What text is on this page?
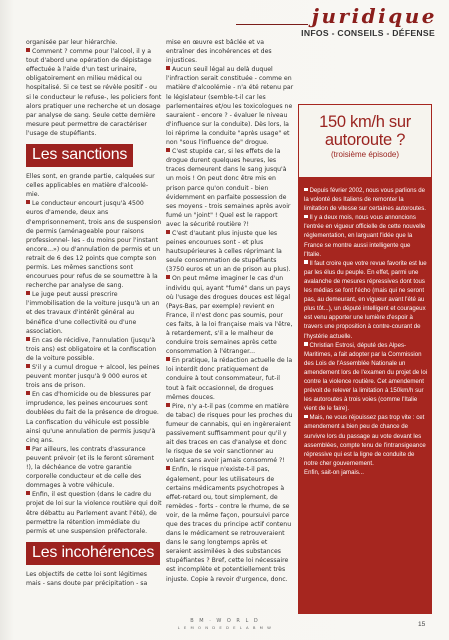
juridique
INFOS - CONSEILS - DÉFENSE

organisée par leur hiérarchie.

Comment ? comme pour l'alcool, il y a tout d'abord une opération de dépistage effectuée à l'aide d'un test urinaire, obligatoirement en milieu médical ou hospitalisé. Si ce test se révèle positif - ou si le conducteur le refuse-, les policiers font alors pratiquer une recherche et un dosage par analyse de sang. Seule cette dernière mesure peut permettre de caractériser l'usage de stupéfiants.

Les sanctions

Elles sont, en grande partie, calquées sur celles applicables en matière d'alcoolé- mie.

Le conducteur encourt jusqu'à 4500 euros d'amende, deux ans d'emprisonnement, trois ans de suspension de permis (aménageable pour raisons professionnel- les - du moins pour l'instant encore...») ou d'annulation de permis et un retrait de 6 des 12 points que compte son permis. Les mêmes sanctions sont encourues pour refus de se soumettre à la recherche par analyse de sang.

Le juge peut aussi prescrire l'immobilisation de la voiture jusqu'à un an et des travaux d'intérêt général au bénéfice d'une collectivité ou d'une association.

En cas de récidive, l'annulation (jusqu'à trois ans) est obligatoire et la confiscation de la voiture possible.

S'il y a cumul drogue + alcool, les peines peuvent monter jusqu'à 9 000 euros et trois ans de prison.

En cas d'homicide ou de blessures par imprudence, les peines encourues sont doublées du fait de la présence de drogue. La confiscation du véhicule est possible ainsi qu'une annulation de permis jusqu'à cinq ans.

Par ailleurs, les contrats d'assurance peuvent prévoir (et ils le feront sûrement !), la déchéance de votre garantie corporelle conducteur et de celle des dommages à votre véhicule.

Enfin, il est question (dans le cadre du projet de loi sur la violence routière qui doit être débattu au Parlement avant l'été), de permettre la rétention immédiate du permis et une suspension préfectorale.

Les incohérences

Les objectifs de cette loi sont légitimes mais - sans doute par précipitation - sa

mise en œuvre est bâclée et va entraîner des incohérences et des injustices.

Aucun seuil légal au delà duquel l'infraction serait constituée - comme en matière d'alcoolémie - n'a été retenu par le législateur (semble-t-il car les parlementaires et/ou les toxicologues ne sauraient - encore ? - évaluer le niveau d'influence sur la conduite). Dès lors, la loi réprime la conduite "après usage" et non "sous l'influence de" drogue.

C'est stupide car, si les effets de la drogue durent quelques heures, les traces demeurent dans le sang jusqu'à un mois ! On peut donc être mis en prison parce qu'on conduit - bien évidemment en parfaite possession de ses moyens - trois semaines après avoir fumé un "joint" ! Quel est le rapport avec la sécurité routière ?!

C'est d'autant plus injuste que les peines encourues sont - et plus hautsupérieures à celles réprimant la seule consommation de stupéfiants (3750 euros et un an de prison au plus).

On peut même imaginer le cas d'un individu qui, ayant "fumé" dans un pays où l'usage des drogues douces est légal (Pays-Bas, par exemple) revient en France, il n'est donc pas soumis, pour ces faits, à la loi française mais va l'être, à retardement, s'il a le malheur de conduire trois semaines après cette consommation à l'étranger...

En pratique, la rédaction actuelle de la loi interdit donc pratiquement de conduire à tout consommateur, fut-il tout à fait occasionnel, de drogues mêmes douces.

Pire, n'y a-t-il pas (comme en matière de tabac) de risques pour les proches du fumeur de cannabis, qui en ingèreraient passivement suffisamment pour qu'il y ait des traces en cas d'analyse et donc le risque de se voir sanctionner au volant sans avoir jamais consommé ?!

Enfin, le risque n'existe-t-il pas, également, pour les utilisateurs de certains médicaments psychotropes à effet-retard ou, tout simplement, de remèdes - forts - contre le rhume, de se voir, de la même façon, poursuivi parce que des traces du principe actif contenu dans le médicament se retrouveraient dans le sang longtemps après et seraient assimilées à des substances stupéfiantes ? Bref, cette loi nécessaire est incomplète et potentiellement très injuste. Copie à revoir d'urgence, donc.

150 km/h sur autoroute ?
(troisième épisode)

Depuis février 2002, nous vous parlions de la volonté des Italiens de remonter la limitation de vitesse sur certaines autoroutes.

Il y a deux mois, nous vous annoncions l'entrée en vigueur officielle de cette nouvelle réglementation, en larguant l'idée que la France se montre aussi intelligente que l'Italie.

Il faut croire que votre revue favorite est lue par les élus du peuple. En effet, parmi une avalanche de mesures répressives dont tous les médias se font l'écho (mais qui ne seront pas, au demeurant, en vigueur avant l'été au plus tôt...), un député intelligent et courageux est venu apporter une lumière d'espoir à travers une proposition à contre-courant de l'hystérie actuelle.

Christian Estrosi, député des Alpes-Maritimes, a fait adopter par la Commission des Lois de l'Assemblée Nationale un amendement lors de l'examen du projet de loi contre la violence routière. Cet amendement prévoit de relever la limitation à 150km/h sur les autoroutes à trois voies (comme l'Italie vient de le faire).

Mais, ne vous réjouissez pas trop vite : cet amendement a bien peu de chance de survivre lors du passage au vote devant les assemblées, compte tenu de l'intransigeance répressive qui est la ligne de conduite de notre cher gouvernement.

Enfin, sait-on jamais...

B M · W O R L D
L E M O N D E D E L A B M W	15
